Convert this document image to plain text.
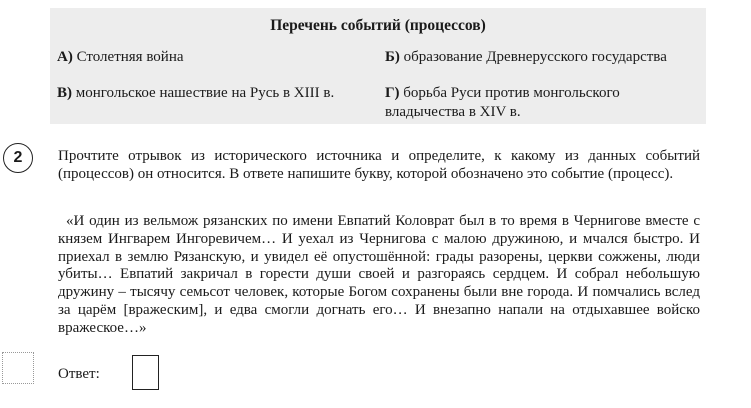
Перечень событий (процессов)
А) Столетняя война	Б) образование Древнерусского государства
В) монгольское нашествие на Русь в XIII в.	Г) борьба Руси против монгольского владычества в XIV в.
2	Прочтите отрывок из исторического источника и определите, к какому из данных событий (процессов) он относится. В ответе напишите букву, которой обозначено это событие (процесс).
«И один из вельмож рязанских по имени Евпатий Коловрат был в то время в Чернигове вместе с князем Ингварем Ингоревичем… И уехал из Чернигова с малою дружиною, и мчался быстро. И приехал в землю Рязанскую, и увидел её опустошённой: грады разорены, церкви сожжены, люди убиты… Евпатий закричал в горести души своей и разгораясь сердцем. И собрал небольшую дружину – тысячу семьсот человек, которые Богом сохранены были вне города. И помчались вслед за царём [вражеским], и едва смогли догнать его… И внезапно напали на отдыхавшее войско вражеское…»
Ответ:
